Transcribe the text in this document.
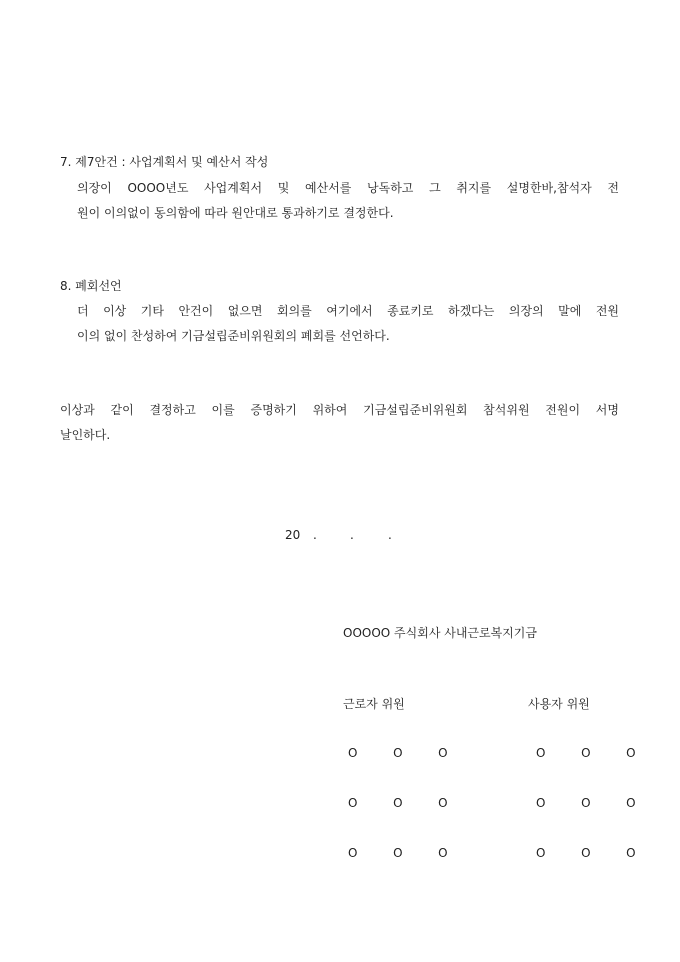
7. 제7안건 : 사업계획서 및 예산서 작성
의장이 OOOO년도 사업계획서 및 예산서를 낭독하고 그 취지를 설명한바,참석자 전
원이 이의없이 동의함에 따라 원안대로 통과하기로 결정한다.
8. 폐회선언
더 이상 기타 안건이 없으면 회의를 여기에서 종료키로 하겠다는 의장의 말에 전원
이의 없이 찬성하여 기금설립준비위원회의 폐회를 선언하다.
이상과 같이 결정하고 이를 증명하기 위하여 기금설립준비위원회 참석위원 전원이 서명
날인하다.
20 .	.	.
OOOOO 주식회사 사내근로복지기금
근로자 위원	사용자 위원
O  O  O	O  O  O
O  O  O	O  O  O
O  O  O	O  O  O
